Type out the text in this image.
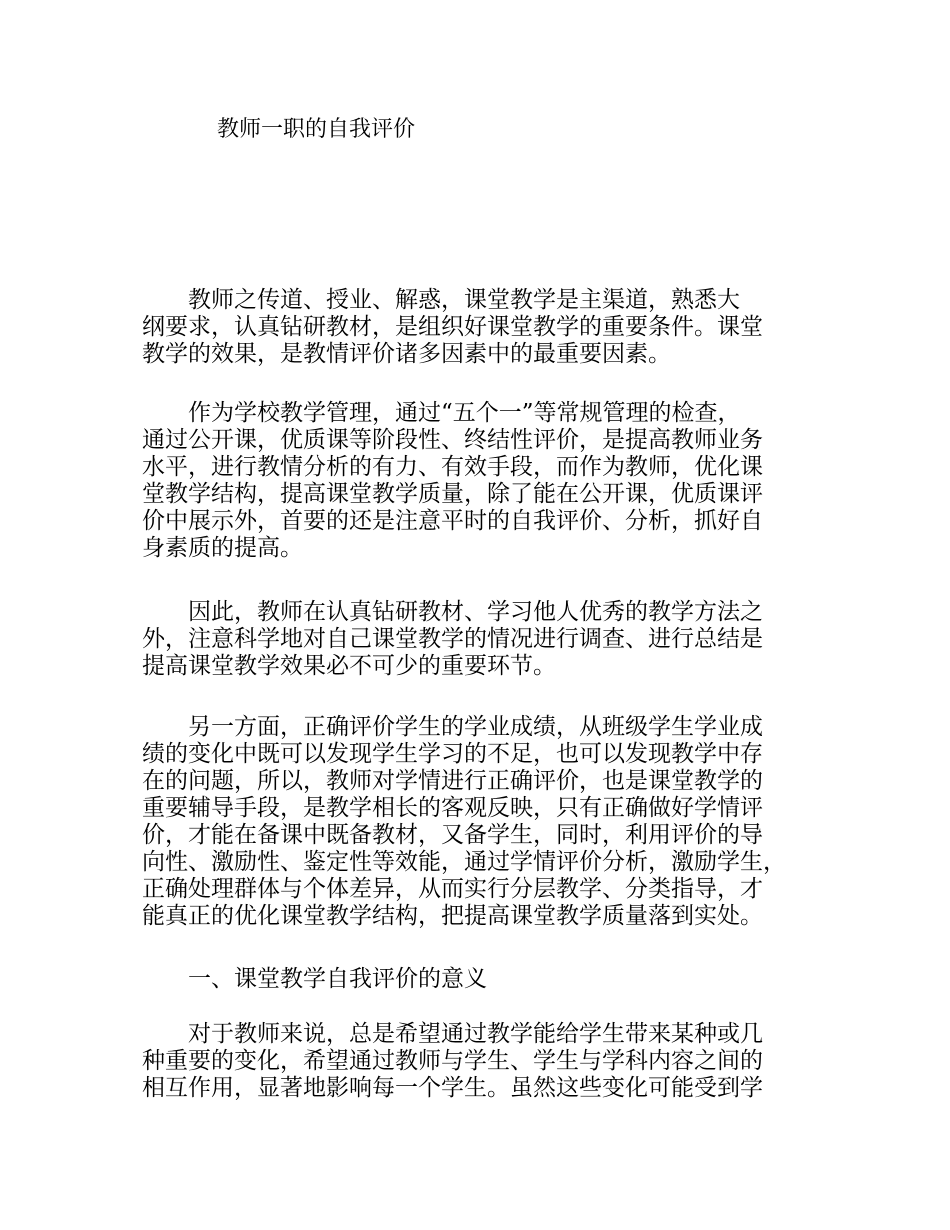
教师一职的自我评价
　　教师之传道、授业、解惑，课堂教学是主渠道，熟悉大
纲要求，认真钻研教材，是组织好课堂教学的重要条件。课堂
教学的效果，是教情评价诸多因素中的最重要因素。
　　作为学校教学管理，通过“五个一”等常规管理的检查，
通过公开课，优质课等阶段性、终结性评价，是提高教师业务
水平，进行教情分析的有力、有效手段，而作为教师，优化课
堂教学结构，提高课堂教学质量，除了能在公开课，优质课评
价中展示外，首要的还是注意平时的自我评价、分析，抓好自
身素质的提高。
　　因此，教师在认真钻研教材、学习他人优秀的教学方法之
外，注意科学地对自己课堂教学的情况进行调查、进行总结是
提高课堂教学效果必不可少的重要环节。
　　另一方面，正确评价学生的学业成绩，从班级学生学业成
绩的变化中既可以发现学生学习的不足，也可以发现教学中存
在的问题，所以，教师对学情进行正确评价，也是课堂教学的
重要辅导手段，是教学相长的客观反映，只有正确做好学情评
价，才能在备课中既备教材，又备学生，同时，利用评价的导
向性、激励性、鉴定性等效能，通过学情评价分析，激励学生，
正确处理群体与个体差异，从而实行分层教学、分类指导，才
能真正的优化课堂教学结构，把提高课堂教学质量落到实处。
　　一、课堂教学自我评价的意义
　　对于教师来说，总是希望通过教学能给学生带来某种或几
种重要的变化，希望通过教师与学生、学生与学科内容之间的
相互作用，显著地影响每一个学生。虽然这些变化可能受到学
